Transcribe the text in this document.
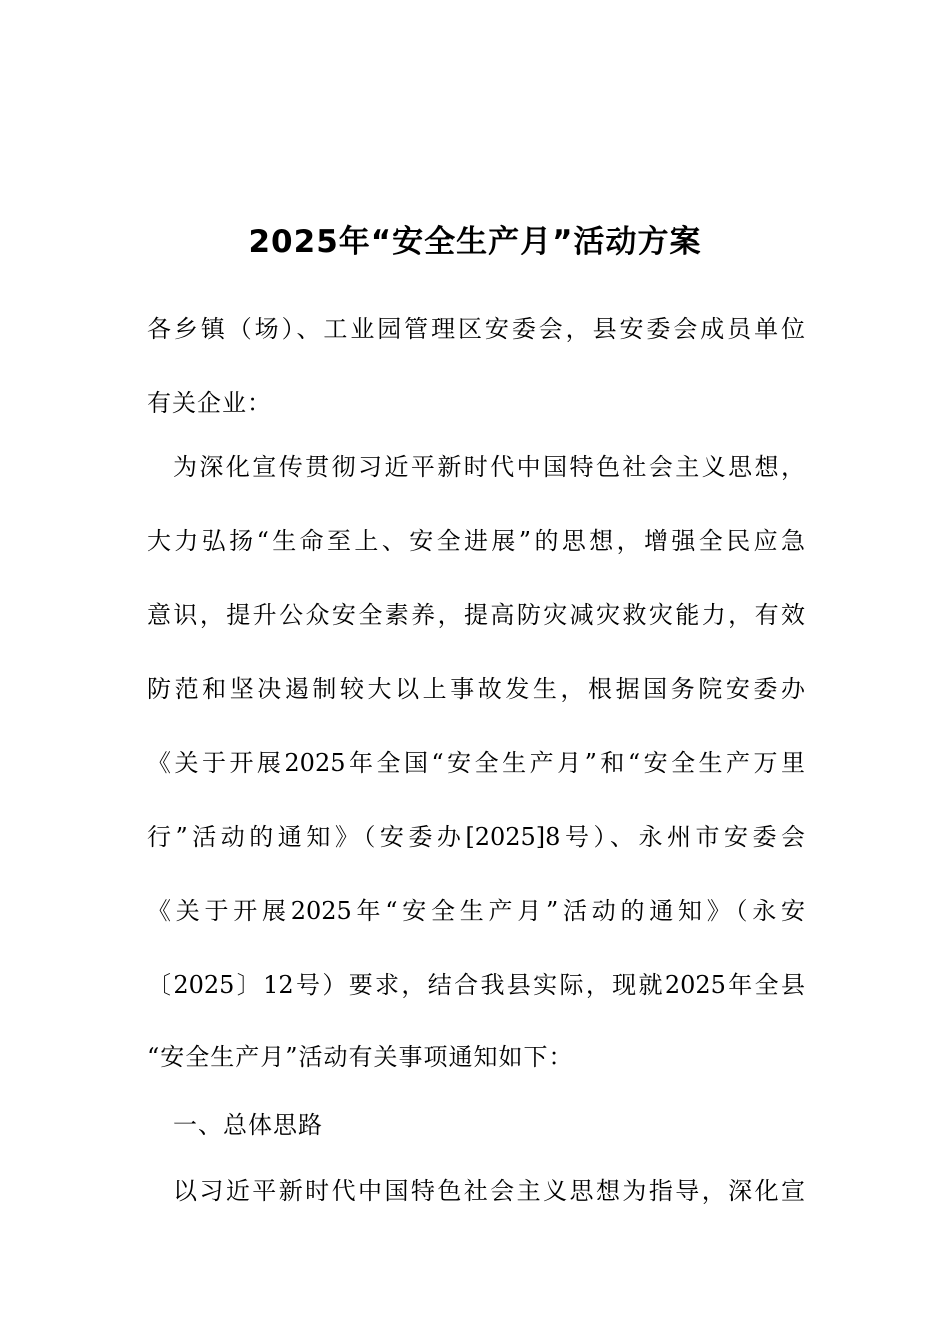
2025年“安全生产月”活动方案
各乡镇（场）、工业园管理区安委会，县安委会成员单位
有关企业：
为深化宣传贯彻习近平新时代中国特色社会主义思想，
大力弘扬“生命至上、安全进展”的思想，增强全民应急
意识，提升公众安全素养，提高防灾减灾救灾能力，有效
防范和坚决遏制较大以上事故发生，根据国务院安委办
《关于开展2025年全国“安全生产月”和“安全生产万里
行”活动的通知》（安委办[2025]8号）、永州市安委会
《关于开展2025年“安全生产月”活动的通知》（永安
〔2025〕12号）要求，结合我县实际，现就2025年全县
“安全生产月”活动有关事项通知如下：
一、总体思路
以习近平新时代中国特色社会主义思想为指导，深化宣
